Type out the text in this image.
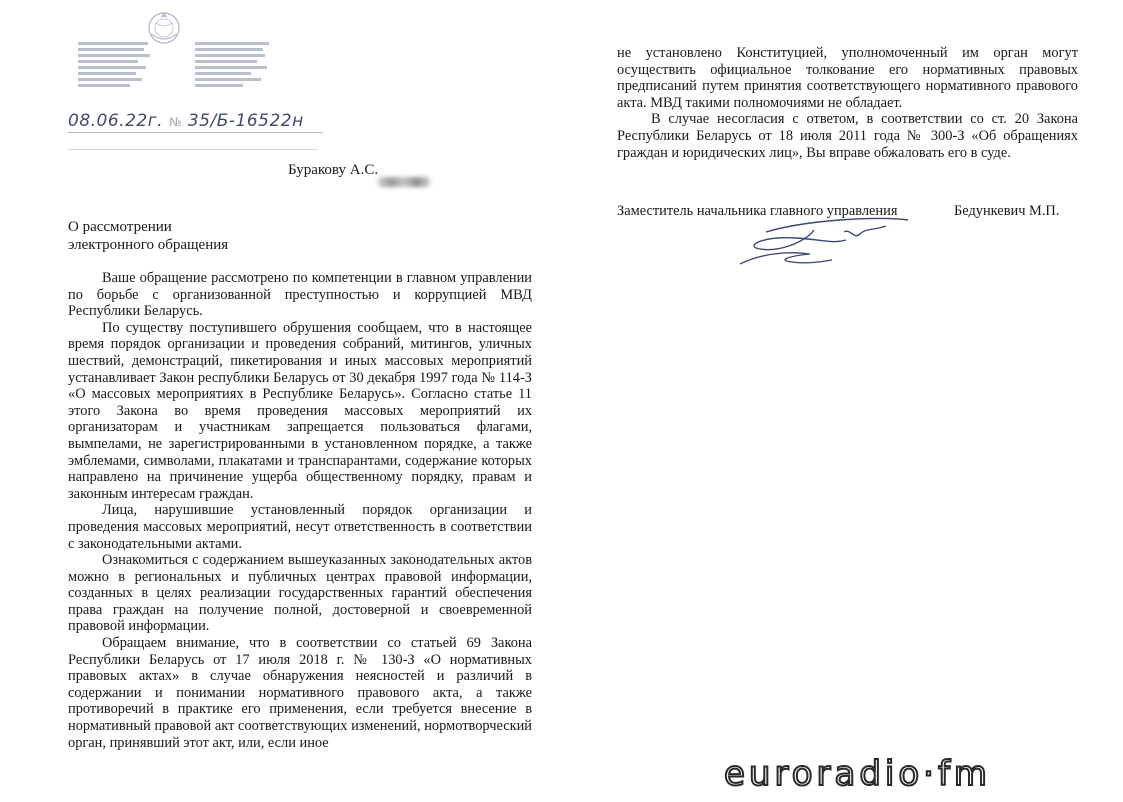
08.06.22г. № 35/Б-16522н
Буракову А.С.
О рассмотрении
электронного обращения

Ваше обращение рассмотрено по компетенции в главном управлении по борьбе с организованной преступностью и коррупцией МВД Республики Беларусь.

По существу поступившего обрушения сообщаем, что в настоящее время порядок организации и проведения собраний, митингов, уличных шествий, демонстраций, пикетирования и иных массовых мероприятий устанавливает Закон республики Беларусь от 30 декабря 1997 года № 114-З «О массовых мероприятиях в Республике Беларусь». Согласно статье 11 этого Закона во время проведения массовых мероприятий их организаторам и участникам запрещается пользоваться флагами, вымпелами, не зарегистрированными в установленном порядке, а также эмблемами, символами, плакатами и транспарантами, содержание которых направлено на причинение ущерба общественному порядку, правам и законным интересам граждан.

Лица, нарушившие установленный порядок организации и проведения массовых мероприятий, несут ответственность в соответствии с законодательными актами.

Ознакомиться с содержанием вышеуказанных законодательных актов можно в региональных и публичных центрах правовой информации, созданных в целях реализации государственных гарантий обеспечения права граждан на получение полной, достоверной и своевременной правовой информации.

Обращаем внимание, что в соответствии со статьей 69 Закона Республики Беларусь от 17 июля 2018 г. № 130-З «О нормативных правовых актах» в случае обнаружения неясностей и различий в содержании и понимании нормативного правового акта, а также противоречий в практике его применения, если требуется внесение в нормативный правовой акт соответствующих изменений, нормотворческий орган, принявший этот акт, или, если иное

не установлено Конституцией, уполномоченный им орган могут осуществить официальное толкование его нормативных правовых предписаний путем принятия соответствующего нормативного правового акта. МВД такими полномочиями не обладает.

В случае несогласия с ответом, в соответствии со ст. 20 Закона Республики Беларусь от 18 июля 2011 года № 300-З «Об обращениях граждан и юридических лиц», Вы вправе обжаловать его в суде.

Заместитель начальника главного управления	Бедункевич М.П.
euroradio·fm
